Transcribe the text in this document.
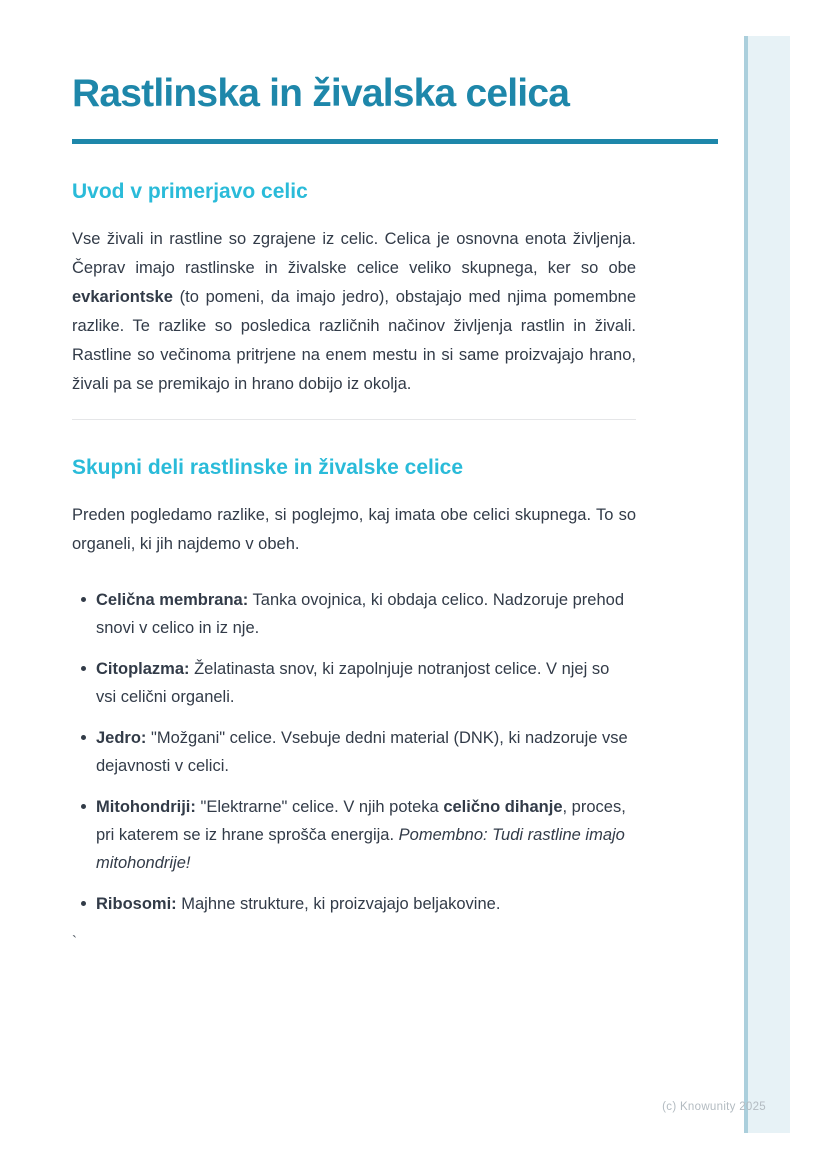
Rastlinska in živalska celica
Uvod v primerjavo celic

Vse živali in rastline so zgrajene iz celic. Celica je osnovna enota življenja. Čeprav imajo rastlinske in živalske celice veliko skupnega, ker so obe evkariontske (to pomeni, da imajo jedro), obstajajo med njima pomembne razlike. Te razlike so posledica različnih načinov življenja rastlin in živali. Rastline so večinoma pritrjene na enem mestu in si same proizvajajo hrano, živali pa se premikajo in hrano dobijo iz okolja.

Skupni deli rastlinske in živalske celice

Preden pogledamo razlike, si poglejmo, kaj imata obe celici skupnega. To so organeli, ki jih najdemo v obeh.

Celična membrana: Tanka ovojnica, ki obdaja celico. Nadzoruje prehod snovi v celico in iz nje.
Citoplazma: Želatinasta snov, ki zapolnjuje notranjost celice. V njej so vsi celični organeli.
Jedro: "Možgani" celice. Vsebuje dedni material (DNK), ki nadzoruje vse dejavnosti v celici.
Mitohondriji: "Elektrarne" celice. V njih poteka celično dihanje, proces, pri katerem se iz hrane sprošča energija. Pomembno: Tudi rastline imajo mitohondrije!
Ribosomi: Majhne strukture, ki proizvajajo beljakovine.
`
(c) Knowunity 2025
